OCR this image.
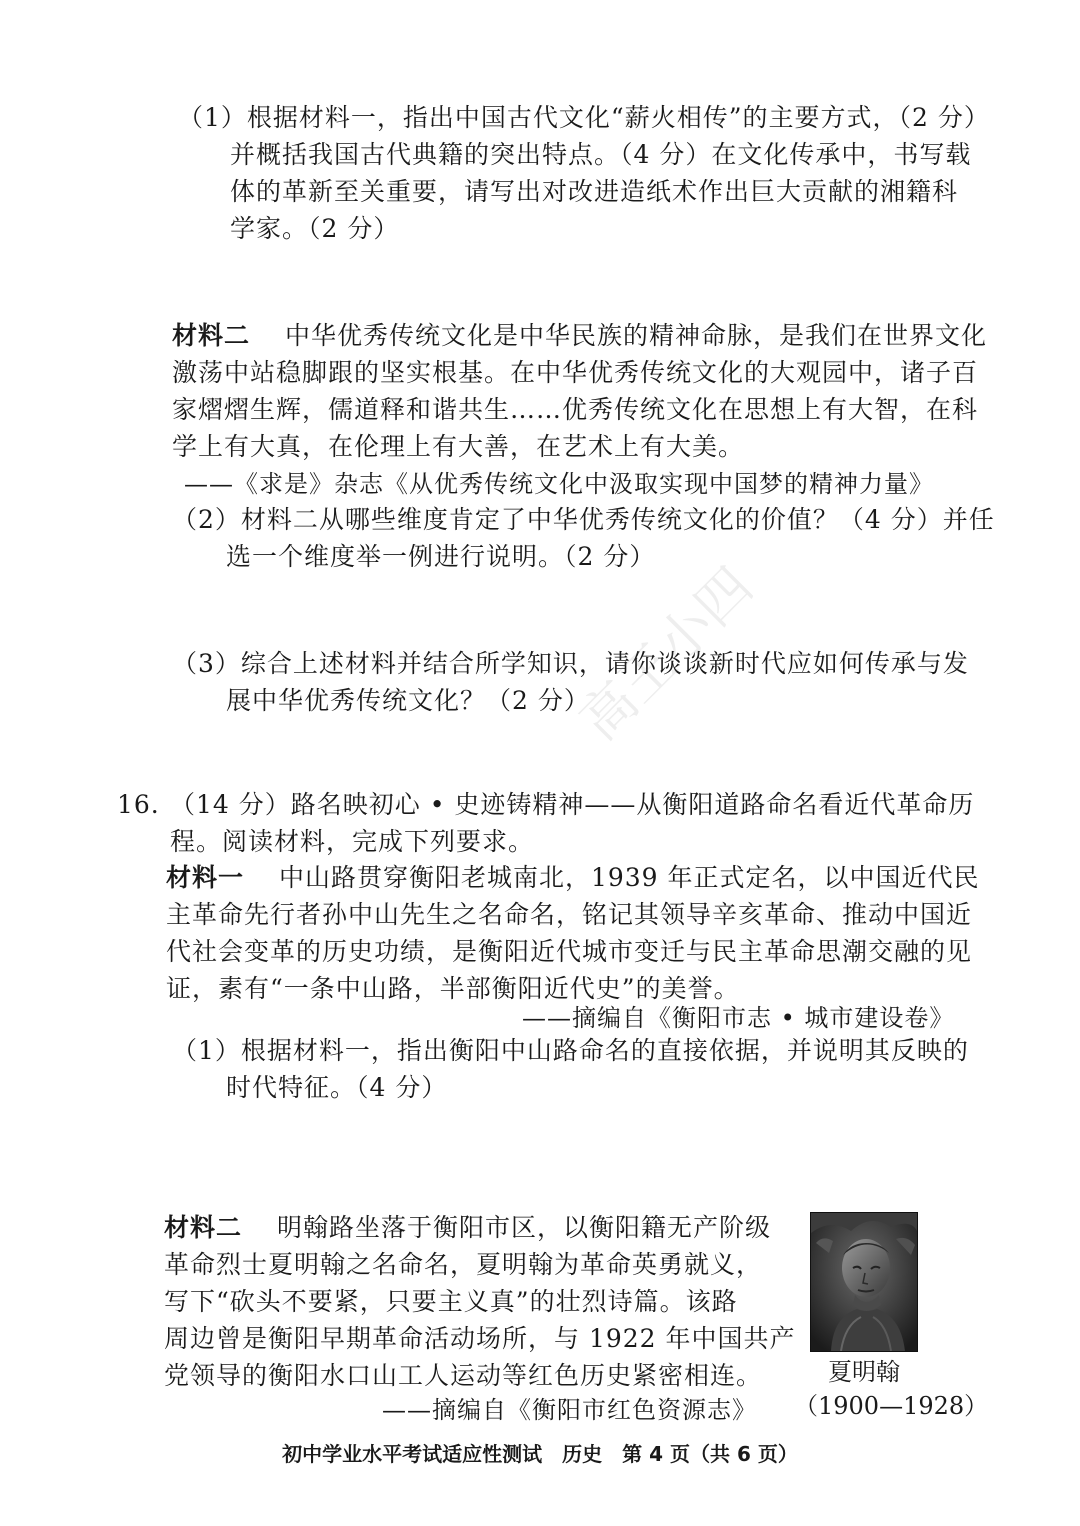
（1）根据材料一，指出中国古代文化“薪火相传”的主要方式，（2 分）
并概括我国古代典籍的突出特点。（4 分）在文化传承中，书写载
体的革新至关重要，请写出对改进造纸术作出巨大贡献的湘籍科
学家。（2 分）
材料二　 中华优秀传统文化是中华民族的精神命脉，是我们在世界文化
激荡中站稳脚跟的坚实根基。在中华优秀传统文化的大观园中，诸子百
家熠熠生辉，儒道释和谐共生……优秀传统文化在思想上有大智，在科
学上有大真，在伦理上有大善，在艺术上有大美。
——《求是》杂志《从优秀传统文化中汲取实现中国梦的精神力量》
（2）材料二从哪些维度肯定了中华优秀传统文化的价值？（4 分）并任
选一个维度举一例进行说明。（2 分）
（3）综合上述材料并结合所学知识，请你谈谈新时代应如何传承与发
展中华优秀传统文化？（2 分）
16. （14 分）路名映初心 • 史迹铸精神——从衡阳道路命名看近代革命历
程。阅读材料，完成下列要求。
材料一　 中山路贯穿衡阳老城南北，1939 年正式定名，以中国近代民
主革命先行者孙中山先生之名命名，铭记其领导辛亥革命、推动中国近
代社会变革的历史功绩，是衡阳近代城市变迁与民主革命思潮交融的见
证，素有“一条中山路，半部衡阳近代史”的美誉。
——摘编自《衡阳市志 • 城市建设卷》
（1）根据材料一，指出衡阳中山路命名的直接依据，并说明其反映的
时代特征。（4 分）
材料二　 明翰路坐落于衡阳市区，以衡阳籍无产阶级
革命烈士夏明翰之名命名，夏明翰为革命英勇就义，
写下“砍头不要紧，只要主义真”的壮烈诗篇。该路
周边曾是衡阳早期革命活动场所，与 1922 年中国共产
党领导的衡阳水口山工人运动等红色历史紧密相连。
——摘编自《衡阳市红色资源志》
夏明翰
（1900—1928）
高王小四
初中学业水平考试适应性测试　历史　第 4 页（共 6 页）
